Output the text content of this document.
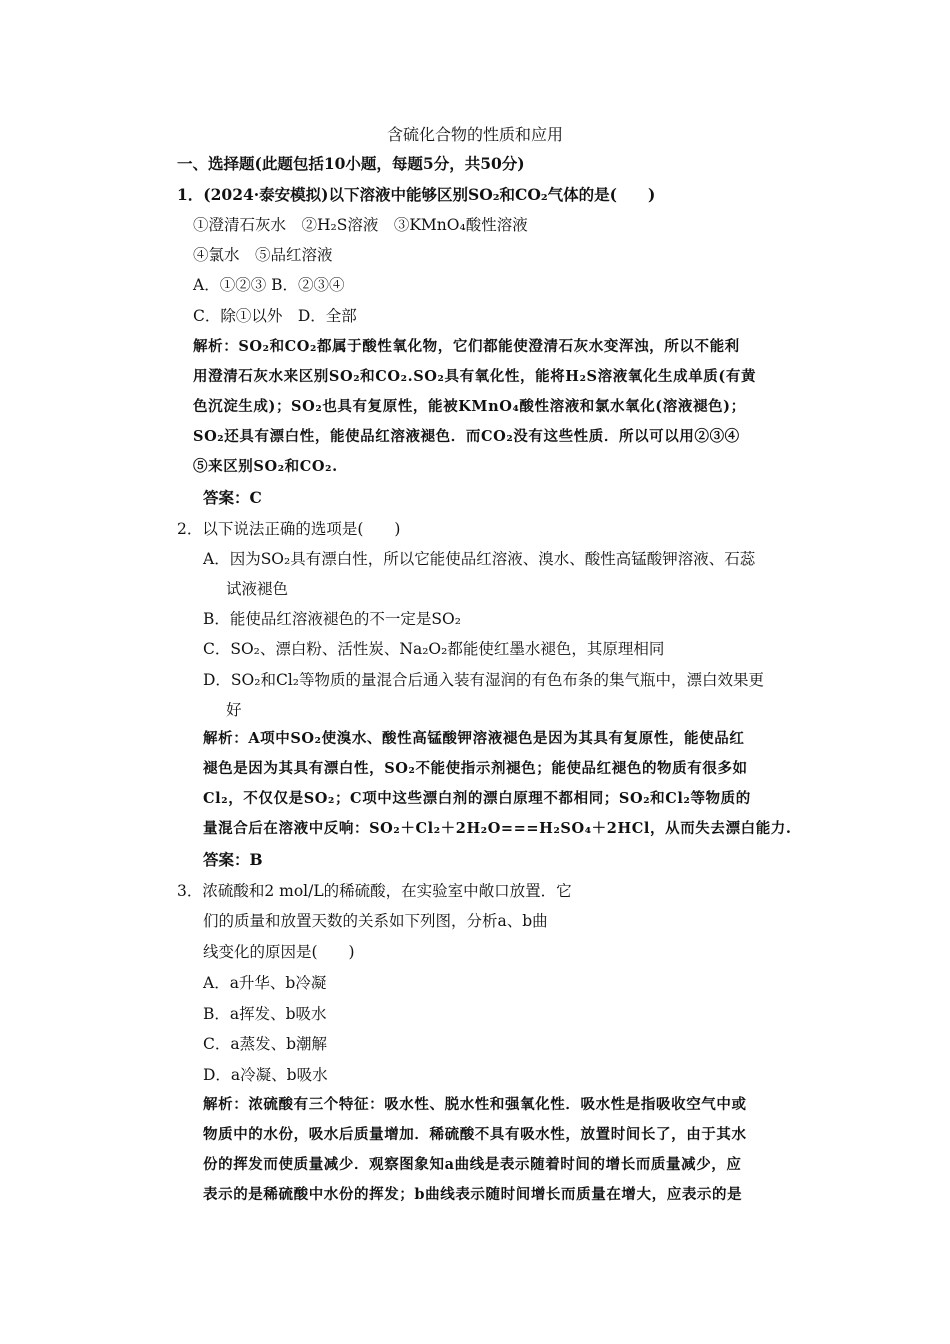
含硫化合物的性质和应用
一、选择题(此题包括10小题，每题5分，共50分)
1．(2024·泰安模拟)以下溶液中能够区别SO₂和CO₂气体的是(　　)
①澄清石灰水　②H₂S溶液　③KMnO₄酸性溶液
④氯水　⑤品红溶液
A．①②③ B．②③④
C．除①以外　D．全部
解析：SO₂和CO₂都属于酸性氧化物，它们都能使澄清石灰水变浑浊，所以不能利
用澄清石灰水来区别SO₂和CO₂.SO₂具有氧化性，能将H₂S溶液氧化生成单质(有黄
色沉淀生成)；SO₂也具有复原性，能被KMnO₄酸性溶液和氯水氧化(溶液褪色)；
SO₂还具有漂白性，能使品红溶液褪色．而CO₂没有这些性质．所以可以用②③④
⑤来区别SO₂和CO₂.
答案：C
2．以下说法正确的选项是(　　)
A．因为SO₂具有漂白性，所以它能使品红溶液、溴水、酸性高锰酸钾溶液、石蕊
试液褪色
B．能使品红溶液褪色的不一定是SO₂
C．SO₂、漂白粉、活性炭、Na₂O₂都能使红墨水褪色，其原理相同
D．SO₂和Cl₂等物质的量混合后通入装有湿润的有色布条的集气瓶中，漂白效果更
好
解析：A项中SO₂使溴水、酸性高锰酸钾溶液褪色是因为其具有复原性，能使品红
褪色是因为其具有漂白性，SO₂不能使指示剂褪色；能使品红褪色的物质有很多如
Cl₂，不仅仅是SO₂；C项中这些漂白剂的漂白原理不都相同；SO₂和Cl₂等物质的
量混合后在溶液中反响：SO₂＋Cl₂＋2H₂O===H₂SO₄＋2HCl，从而失去漂白能力.
答案：B
3．浓硫酸和2 mol/L的稀硫酸，在实验室中敞口放置．它
们的质量和放置天数的关系如下列图，分析a、b曲
线变化的原因是(　　)
A．a升华、b冷凝
B．a挥发、b吸水
C．a蒸发、b潮解
D．a冷凝、b吸水
解析：浓硫酸有三个特征：吸水性、脱水性和强氧化性．吸水性是指吸收空气中或
物质中的水份，吸水后质量增加．稀硫酸不具有吸水性，放置时间长了，由于其水
份的挥发而使质量减少．观察图象知a曲线是表示随着时间的增长而质量减少，应
表示的是稀硫酸中水份的挥发；b曲线表示随时间增长而质量在增大，应表示的是
